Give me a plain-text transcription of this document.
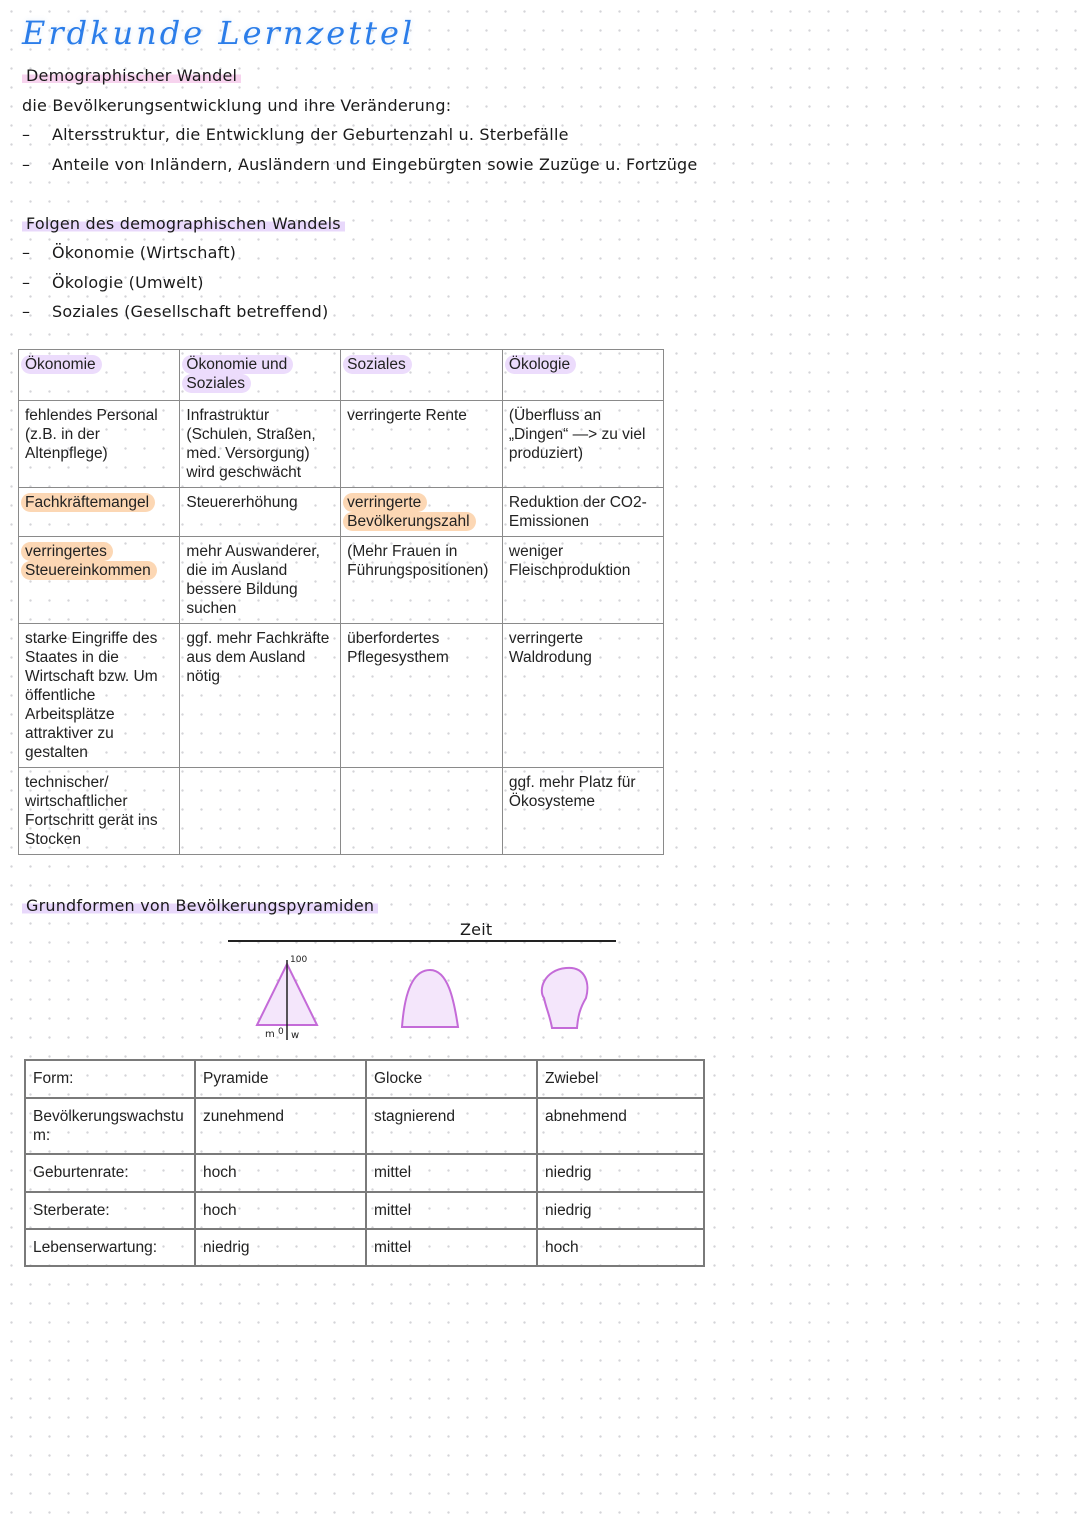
Erdkunde Lernzettel
Demographischer Wandel
die Bevölkerungsentwicklung und ihre Veränderung:
– Altersstruktur, die Entwicklung der Geburtenzahl u. Sterbefälle
– Anteile von Inländern, Ausländern und Eingebürgten sowie Zuzüge u. Fortzüge
Folgen des demographischen Wandels
– Ökonomie (Wirtschaft)
– Ökologie (Umwelt)
– Soziales (Gesellschaft betreffend)
Ökonomie	Ökonomie und Soziales	Soziales	Ökologie
fehlendes Personal (z.B. in der Altenpflege)	Infrastruktur (Schulen, Straßen, med. Versorgung) wird geschwächt	verringerte Rente	(Überfluss an „Dingen“ —> zu viel produziert)
Fachkräftemangel	Steuererhöhung	verringerte Bevölkerungszahl	Reduktion der CO2-Emissionen
verringertes Steuereinkommen	mehr Auswanderer, die im Ausland bessere Bildung suchen	(Mehr Frauen in Führungspositionen)	weniger Fleischproduktion
starke Eingriffe des Staates in die Wirtschaft bzw. Um öffentliche Arbeitsplätze attraktiver zu gestalten	ggf. mehr Fachkräfte aus dem Ausland nötig	überfordertes Pflegesysthem	verringerte Waldrodung
technischer/ wirtschaftlicher Fortschritt gerät ins Stocken			ggf. mehr Platz für Ökosysteme
Grundformen von Bevölkerungspyramiden
Zeit
100
m 0 w
Form:	Pyramide	Glocke	Zwiebel
Bevölkerungswachstum:	zunehmend	stagnierend	abnehmend
Geburtenrate:	hoch	mittel	niedrig
Sterberate:	hoch	mittel	niedrig
Lebenserwartung:	niedrig	mittel	hoch
